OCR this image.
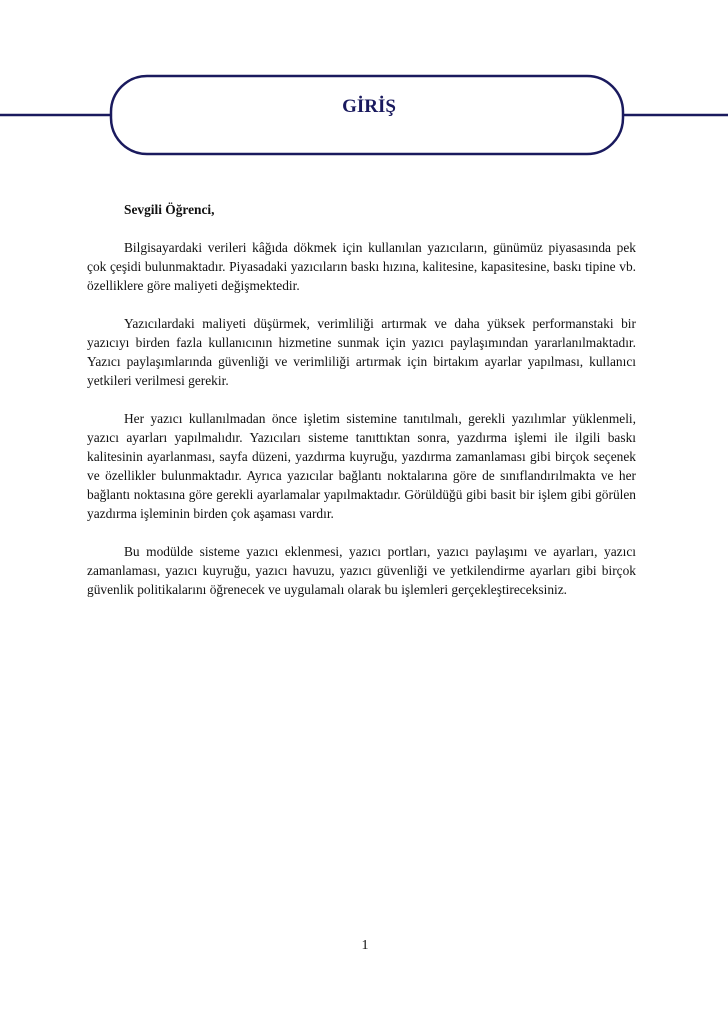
GİRİŞ

Sevgili Öğrenci,

Bilgisayardaki verileri kâğıda dökmek için kullanılan yazıcıların, günümüz piyasasında pek çok çeşidi bulunmaktadır. Piyasadaki yazıcıların baskı hızına, kalitesine, kapasitesine, baskı tipine vb. özelliklere göre maliyeti değişmektedir.

Yazıcılardaki maliyeti düşürmek, verimliliği artırmak ve daha yüksek performanstaki bir yazıcıyı birden fazla kullanıcının hizmetine sunmak için yazıcı paylaşımından yararlanılmaktadır. Yazıcı paylaşımlarında güvenliği ve verimliliği artırmak için birtakım ayarlar yapılması, kullanıcı yetkileri verilmesi gerekir.

Her yazıcı kullanılmadan önce işletim sistemine tanıtılmalı, gerekli yazılımlar yüklenmeli, yazıcı ayarları yapılmalıdır. Yazıcıları sisteme tanıttıktan sonra, yazdırma işlemi ile ilgili baskı kalitesinin ayarlanması, sayfa düzeni, yazdırma kuyruğu, yazdırma zamanlaması gibi birçok seçenek ve özellikler bulunmaktadır. Ayrıca yazıcılar bağlantı noktalarına göre de sınıflandırılmakta ve her bağlantı noktasına göre gerekli ayarlamalar yapılmaktadır. Görüldüğü gibi basit bir işlem gibi görülen yazdırma işleminin birden çok aşaması vardır.

Bu modülde sisteme yazıcı eklenmesi, yazıcı portları, yazıcı paylaşımı ve ayarları, yazıcı zamanlaması, yazıcı kuyruğu, yazıcı havuzu, yazıcı güvenliği ve yetkilendirme ayarları gibi birçok güvenlik politikalarını öğrenecek ve uygulamalı olarak bu işlemleri gerçekleştireceksiniz.

1
